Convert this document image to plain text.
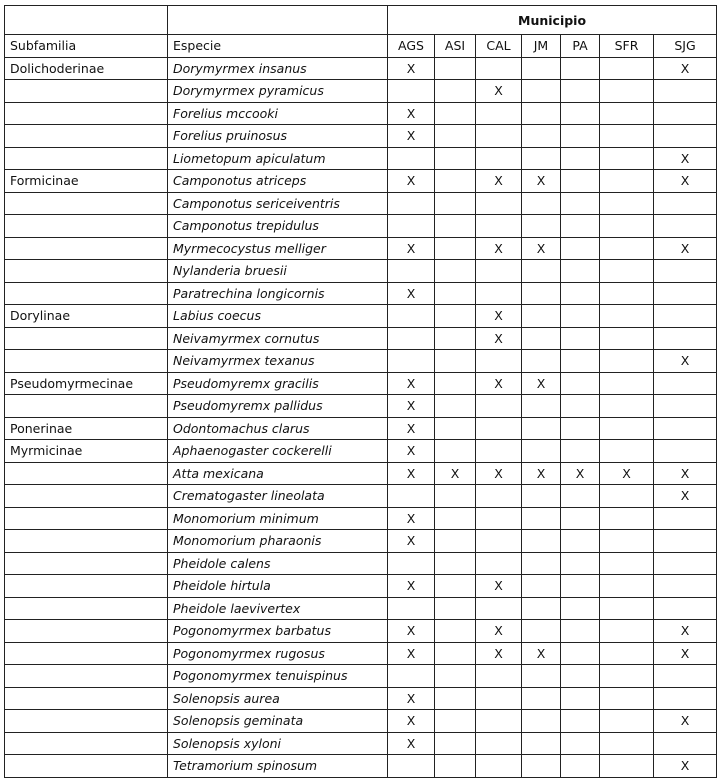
		Municipio						
Subfamilia	Especie	AGS	ASI	CAL	JM	PA	SFR	SJG
Dolichoderinae	Dorymyrmex insanus	X						X
	Dorymyrmex pyramicus			X				
	Forelius mccooki	X						
	Forelius pruinosus	X						
	Liometopum apiculatum							X
Formicinae	Camponotus atriceps	X		X	X			X
	Camponotus sericeiventris							
	Camponotus trepidulus							
	Myrmecocystus melliger	X		X	X			X
	Nylanderia bruesii							
	Paratrechina longicornis	X						
Dorylinae	Labius coecus			X				
	Neivamyrmex cornutus			X				
	Neivamyrmex texanus							X
Pseudomyrmecinae	Pseudomyremx gracilis	X		X	X			
	Pseudomyremx pallidus	X						
Ponerinae	Odontomachus clarus	X						
Myrmicinae	Aphaenogaster cockerelli	X						
	Atta mexicana	X	X	X	X	X	X	X
	Crematogaster lineolata							X
	Monomorium minimum	X						
	Monomorium pharaonis	X						
	Pheidole calens							
	Pheidole hirtula	X		X				
	Pheidole laevivertex							
	Pogonomyrmex barbatus	X		X				X
	Pogonomyrmex rugosus	X		X	X			X
	Pogonomyrmex tenuispinus							
	Solenopsis aurea	X						
	Solenopsis geminata	X						X
	Solenopsis xyloni	X						
	Tetramorium spinosum							X
